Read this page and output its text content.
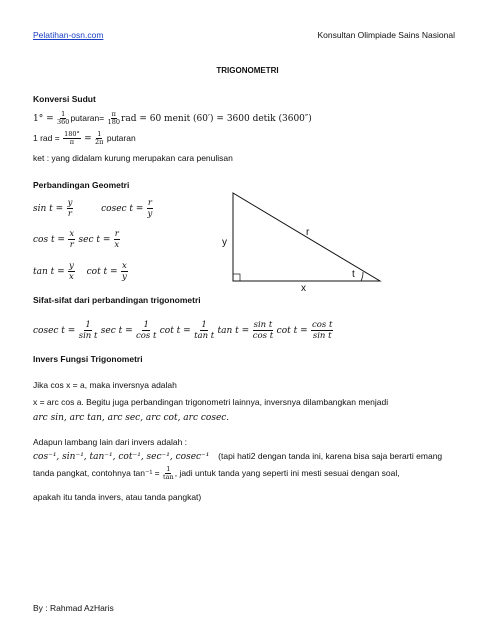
Pelatihan-osn.com	Konsultan Olimpiade Sains Nasional
TRIGONOMETRI
Konversi Sudut
$1^\circ = \frac{1}{360}$ putaran= $\frac{\pi}{180}$ rad = 60 menit (60′) = 3600 detik (3600″)
1 rad = $\frac{180^\circ}{\pi} = \frac{1}{2\pi}$ putaran
ket : yang didalam kurung merupakan cara penulisan
Perbandingan Geometri
$\sin t = \frac{y}{r}$	cosec $t = \frac{r}{y}$
$\cos t = \frac{x}{r}$ $\sec t = \frac{r}{x}$
$\tan t = \frac{y}{x}$ $\cot t = \frac{x}{y}$
y
r
x
t
Sifat-sifat dari perbandingan trigonometri
cosec $t = \frac{1}{\text{sin t}}$ $\sec t = \frac{1}{\text{cos t}}$ $\cot t = \frac{1}{\text{tan t}}$ $\tan t = \frac{\text{sin t}}{\text{cos t}}$ $\cot t = \frac{\text{cos t}}{\text{sin t}}$
Invers Fungsi Trigonometri
Jika cos x = a, maka inversnya adalah
x = arc cos a. Begitu juga perbandingan trigonometri lainnya, inversnya dilambangkan menjadi
arc sin, arc tan, arc sec, arc cot, arc cosec.
Adapun lambang lain dari invers adalah :
cos⁻¹, sin⁻¹, tan⁻¹, cot⁻¹, sec⁻¹, cosec⁻¹ (tapi hati2 dengan tanda ini, karena bisa saja berarti emang
tanda pangkat, contohnya $\tan^{-1} = \frac{1}{\tan}$ , jadi untuk tanda yang seperti ini mesti sesuai dengan soal,
apakah itu tanda invers, atau tanda pangkat)
By : Rahmad AzHaris
